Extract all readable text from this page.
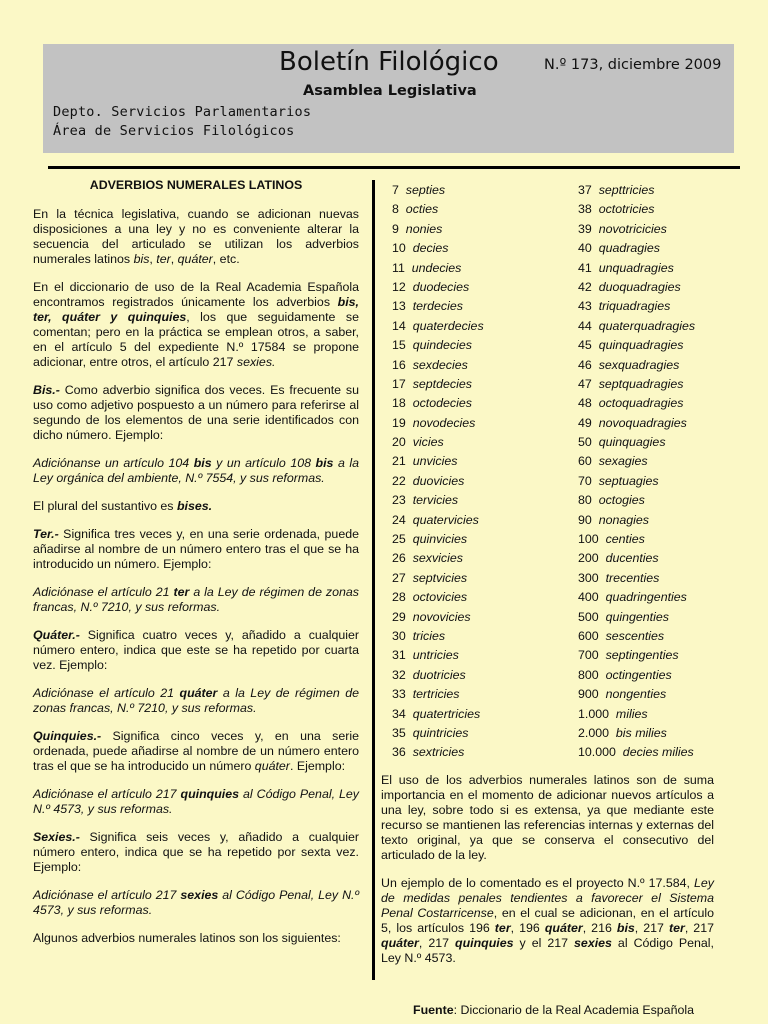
Boletín Filológico	N.º 173, diciembre 2009
Asamblea Legislativa
Depto. Servicios Parlamentarios
Área de Servicios Filológicos
ADVERBIOS NUMERALES LATINOS

En la técnica legislativa, cuando se adicionan nuevas disposiciones a una ley y no es conveniente alterar la secuencia del articulado se utilizan los adverbios numerales latinos bis, ter, quáter, etc.

En el diccionario de uso de la Real Academia Española encontramos registrados únicamente los adverbios bis, ter, quáter y quinquies, los que seguidamente se comentan; pero en la práctica se emplean otros, a saber, en el artículo 5 del expediente N.º 17584 se propone adicionar, entre otros, el artículo 217 sexies.

Bis.- Como adverbio significa dos veces. Es frecuente su uso como adjetivo pospuesto a un número para referirse al segundo de los elementos de una serie identificados con dicho número. Ejemplo:

Adiciónanse un artículo 104 bis y un artículo 108 bis a la Ley orgánica del ambiente, N.º 7554, y sus reformas.

El plural del sustantivo es bises.

Ter.- Significa tres veces y, en una serie ordenada, puede añadirse al nombre de un número entero tras el que se ha introducido un número. Ejemplo:

Adiciónase el artículo 21 ter a la Ley de régimen de zonas francas, N.º 7210, y sus reformas.

Quáter.- Significa cuatro veces y, añadido a cualquier número entero, indica que este se ha repetido por cuarta vez. Ejemplo:

Adiciónase el artículo 21 quáter a la Ley de régimen de zonas francas, N.º 7210, y sus reformas.

Quinquies.- Significa cinco veces y, en una serie ordenada, puede añadirse al nombre de un número entero tras el que se ha introducido un número quáter. Ejemplo:

Adiciónase el artículo 217 quinquies al Código Penal, Ley N.º 4573, y sus reformas.

Sexies.- Significa seis veces y, añadido a cualquier número entero, indica que se ha repetido por sexta vez. Ejemplo:

Adiciónase el artículo 217 sexies al Código Penal, Ley N.º 4573, y sus reformas.

Algunos adverbios numerales latinos son los siguientes:

7 septies	37 septtricies
8 octies	38 octotricies
9 nonies	39 novotricicies
10 decies	40 quadragies
11 undecies	41 unquadragies
12 duodecies	42 duoquadragies
13 terdecies	43 triquadragies
14 quaterdecies	44 quaterquadragies
15 quindecies	45 quinquadragies
16 sexdecies	46 sexquadragies
17 septdecies	47 septquadragies
18 octodecies	48 octoquadragies
19 novodecies	49 novoquadragies
20 vicies	50 quinquagies
21 unvicies	60 sexagies
22 duovicies	70 septuagies
23 tervicies	80 octogies
24 quatervicies	90 nonagies
25 quinvicies	100 centies
26 sexvicies	200 ducenties
27 septvicies	300 trecenties
28 octovicies	400 quadringenties
29 novovicies	500 quingenties
30 tricies	600 sescenties
31 untricies	700 septingenties
32 duotricies	800 octingenties
33 tertricies	900 nongenties
34 quatertricies	1.000 milies
35 quintricies	2.000 bis milies
36 sextricies	10.000 decies milies

El uso de los adverbios numerales latinos son de suma importancia en el momento de adicionar nuevos artículos a una ley, sobre todo si es extensa, ya que mediante este recurso se mantienen las referencias internas y externas del texto original, ya que se conserva el consecutivo del articulado de la ley.

Un ejemplo de lo comentado es el proyecto N.º 17.584, Ley de medidas penales tendientes a favorecer el Sistema Penal Costarricense, en el cual se adicionan, en el artículo 5, los artículos 196 ter, 196 quáter, 216 bis, 217 ter, 217 quáter, 217 quinquies y el 217 sexies al Código Penal, Ley N.º 4573.

Fuente: Diccionario de la Real Academia Española
